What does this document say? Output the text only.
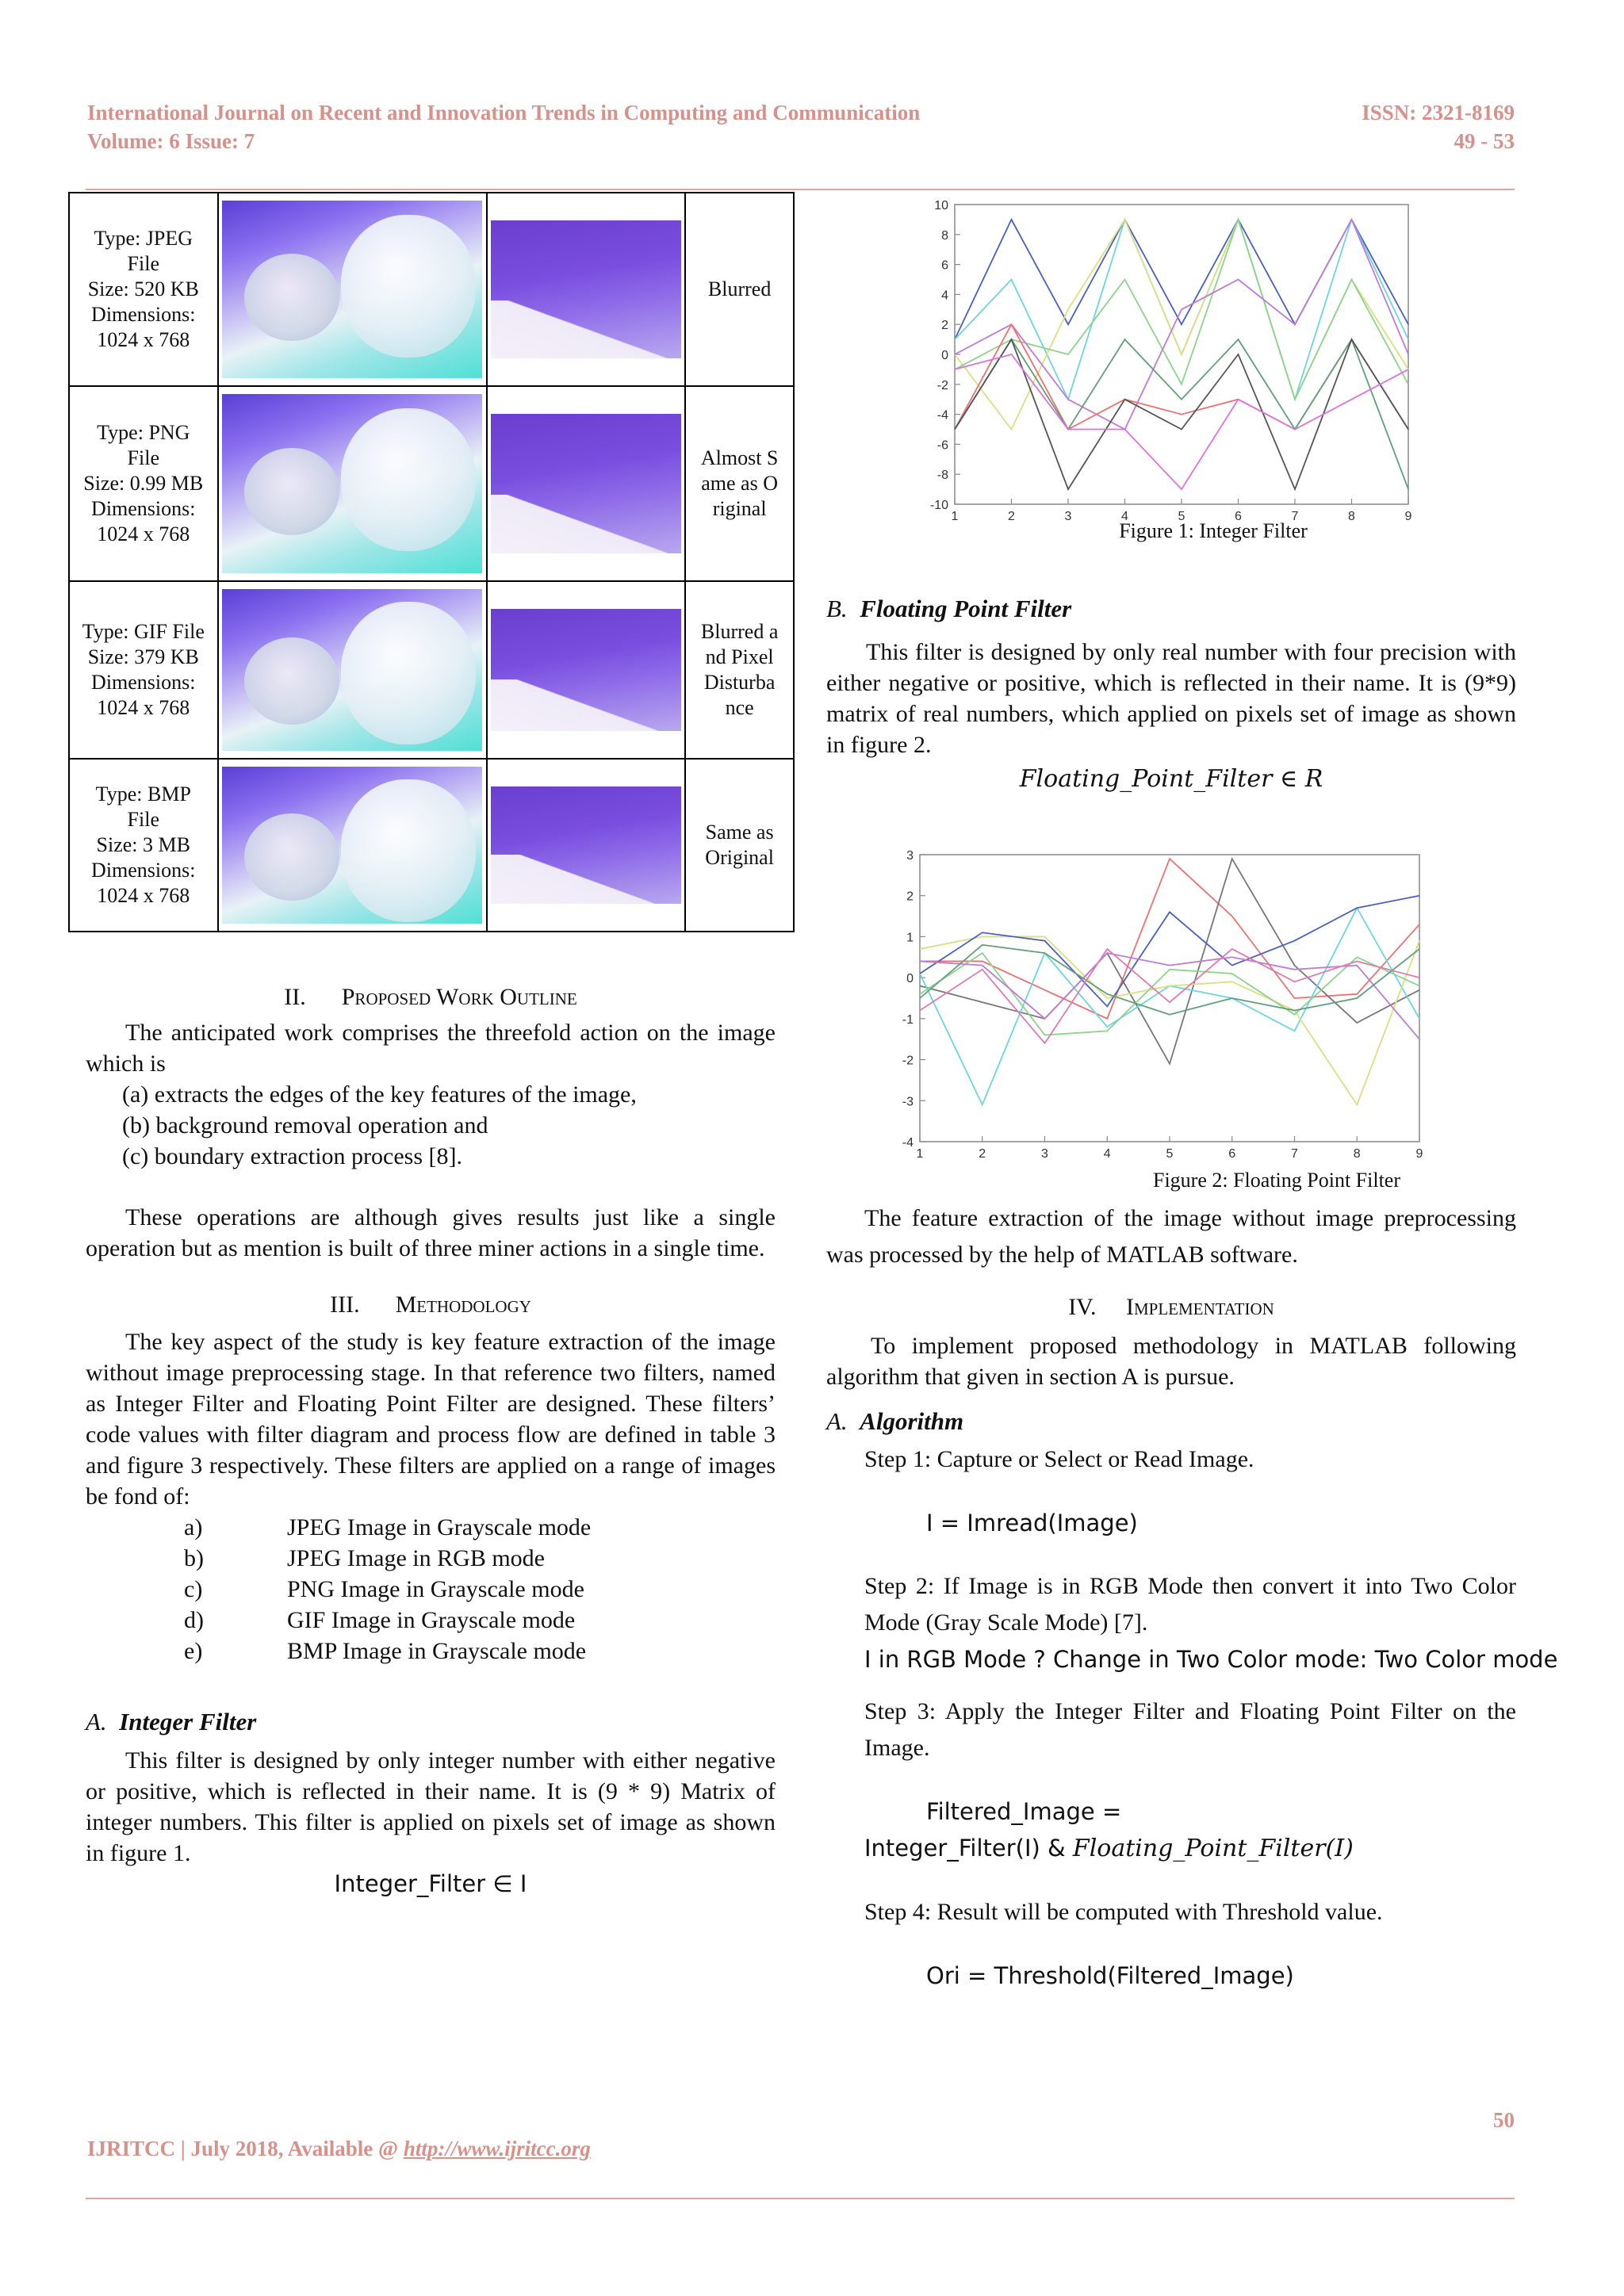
International Journal on Recent and Innovation Trends in Computing and Communication
Volume: 6 Issue: 7
ISSN: 2321-8169
49 - 53
Type: JPEG File
Size: 520 KB
Dimensions:
1024 x 768			Blurred

Type: PNG File
Size: 0.99 MB
Dimensions:
1024 x 768			Almost Same as Original

Type: GIF File
Size: 379 KB
Dimensions:
1024 x 768			Blurred and Pixel Disturbance

Type: BMP File
Size: 3 MB
Dimensions:
1024 x 768			Same as Original
II. Proposed Work Outline
The anticipated work comprises the threefold action on the image which is
(a) extracts the edges of the key features of the image,
(b) background removal operation and
(c) boundary extraction process [8].
These operations are although gives results just like a single operation but as mention is built of three miner actions in a single time.
III. Methodology
The key aspect of the study is key feature extraction of the image without image preprocessing stage. In that reference two filters, named as Integer Filter and Floating Point Filter are designed. These filters’ code values with filter diagram and process flow are defined in table 3 and figure 3 respectively. These filters are applied on a range of images be fond of:
a)	JPEG Image in Grayscale mode
b)	JPEG Image in RGB mode
c)	PNG Image in Grayscale mode
d)	GIF Image in Grayscale mode
e)	BMP Image in Grayscale mode
A. Integer Filter
This filter is designed by only integer number with either negative or positive, which is reflected in their name. It is (9 * 9) Matrix of integer numbers. This filter is applied on pixels set of image as shown in figure 1.
Integer_Filter ∈ I
-10
-8
-6
-4
-2
0
2
4
6
8
10
1	2	3	4	5	6	7	8	9
Figure 1: Integer Filter
B. Floating Point Filter
This filter is designed by only real number with four precision with either negative or positive, which is reflected in their name. It is (9*9) matrix of real numbers, which applied on pixels set of image as shown in figure 2.
Floating_Point_Filter ∈ R
-4
-3
-2
-1
0
1
2
3
1	2	3	4	5	6	7	8	9
Figure 2: Floating Point Filter
The feature extraction of the image without image preprocessing was processed by the help of MATLAB software.
IV. Implementation
To implement proposed methodology in MATLAB following algorithm that given in section A is pursue.
A. Algorithm
Step 1: Capture or Select or Read Image.
I = Imread(Image)
Step 2: If Image is in RGB Mode then convert it into Two Color Mode (Gray Scale Mode) [7].
I in RGB Mode ? Change in Two Color mode: Two Color mode
Step 3: Apply the Integer Filter and Floating Point Filter on the Image.
Filtered_Image =
Integer_Filter(I) & Floating_Point_Filter(I)
Step 4: Result will be computed with Threshold value.
Ori = Threshold(Filtered_Image)
50
IJRITCC | July 2018, Available @ http://www.ijritcc.org
